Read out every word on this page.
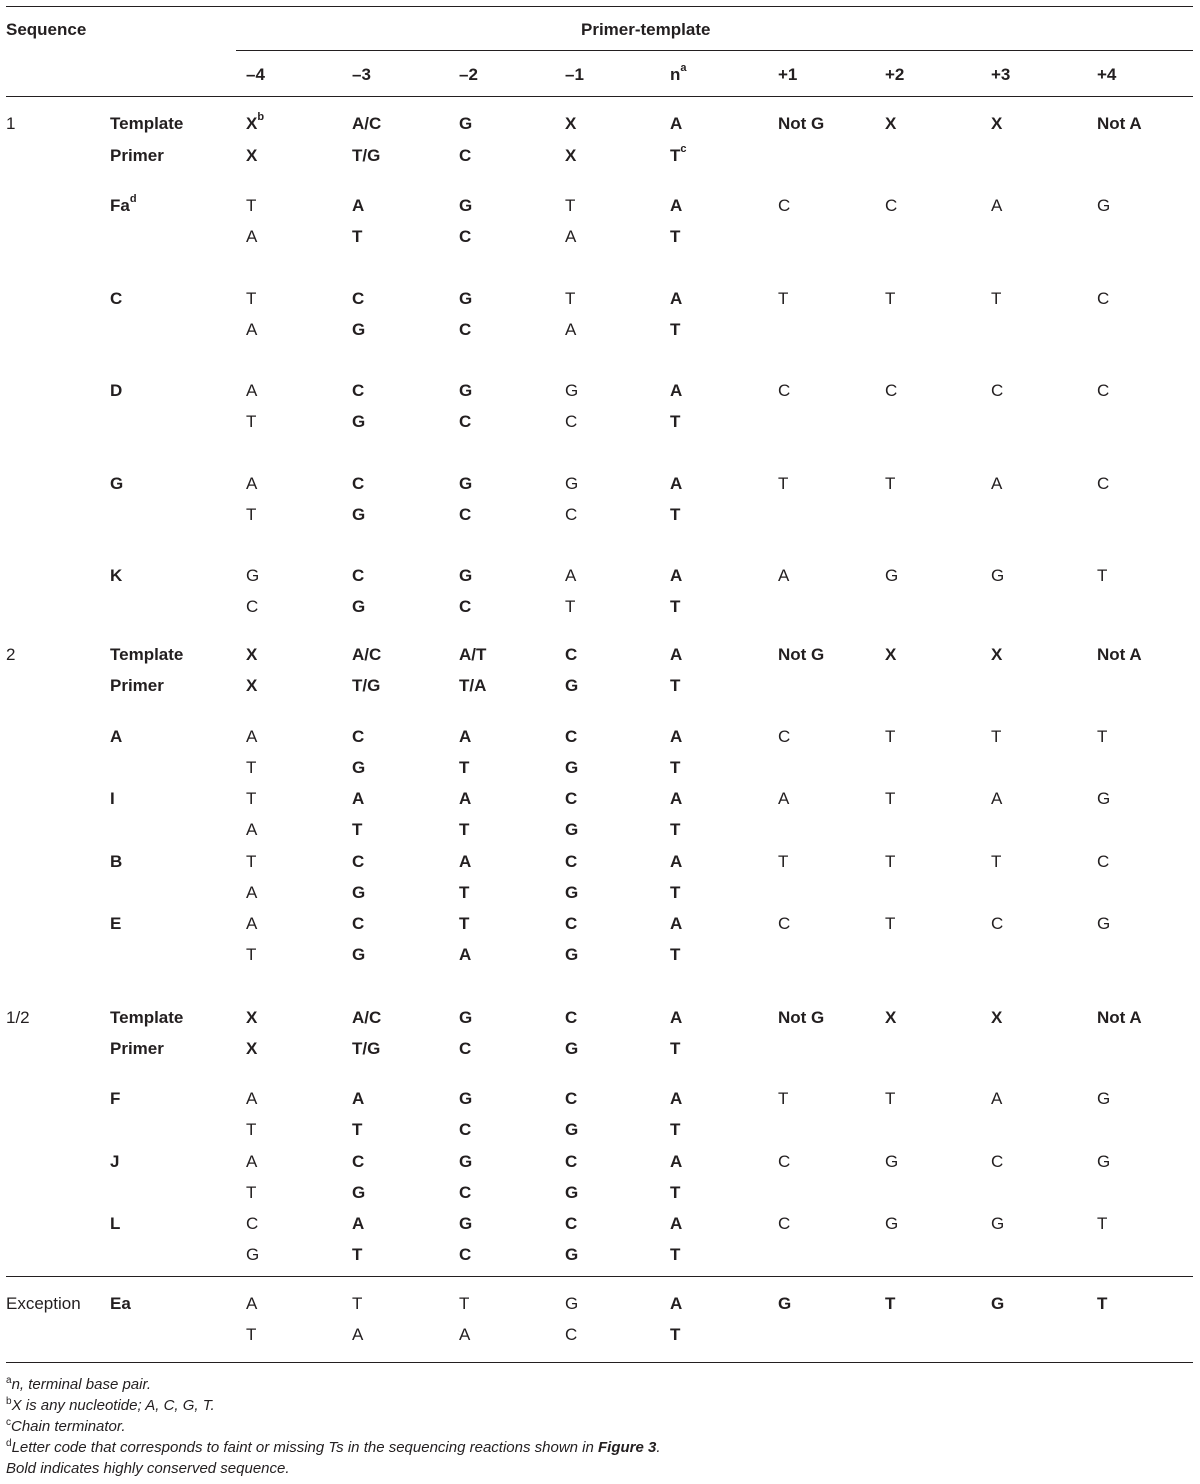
Sequence	Primer-template
–4	–3	–2	–1	$n^a$	+1	+2	+3	+4
1	Template	$X^b$	A/C	G	X	A	Not G	X	X	Not A
Primer	X	T/G	C	X	$T^c$
Fa$^d$	T	A	G	T	A	C	C	A	G
A	T	C	A	T
C	T	C	G	T	A	T	T	T	C
A	G	C	A	T
D	A	C	G	G	A	C	C	C	C
T	G	C	C	T
G	A	C	G	G	A	T	T	A	C
T	G	C	C	T
K	G	C	G	A	A	A	G	G	T
C	G	C	T	T
2	Template	X	A/C	A/T	C	A	Not G	X	X	Not A
Primer	X	T/G	T/A	G	T
A	A	C	A	C	A	C	T	T	T
T	G	T	G	T
I	T	A	A	C	A	A	T	A	G
A	T	T	G	T
B	T	C	A	C	A	T	T	T	C
A	G	T	G	T
E	A	C	T	C	A	C	T	C	G
T	G	A	G	T
1/2	Template	X	A/C	G	C	A	Not G	X	X	Not A
Primer	X	T/G	C	G	T
F	A	A	G	C	A	T	T	A	G
T	T	C	G	T
J	A	C	G	C	A	C	G	C	G
T	G	C	G	T
L	C	A	G	C	A	C	G	G	T
G	T	C	G	T
Exception Ea	A	T	T	G	A	G	T	G	T
T	A	A	C	T
$^a$n, terminal base pair.
$^b$X is any nucleotide; A, C, G, T.
$^c$Chain terminator.
$^d$Letter code that corresponds to faint or missing Ts in the sequencing reactions shown in Figure 3.
Bold indicates highly conserved sequence.
